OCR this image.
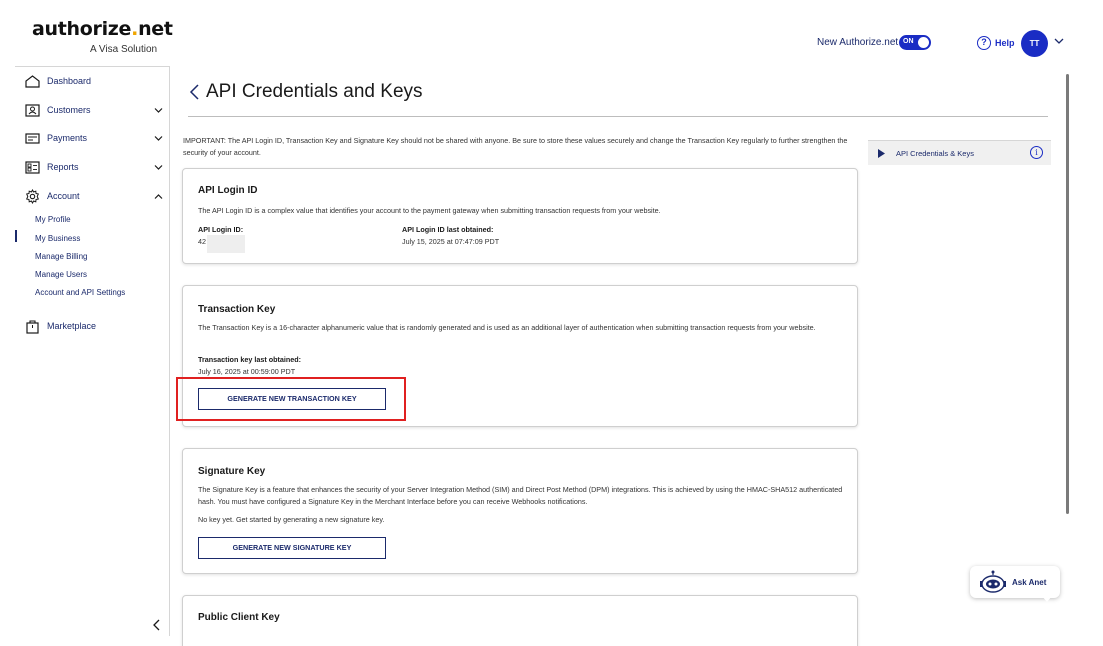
authorize.net
A Visa Solution
New Authorize.net ON	? Help	TT
Dashboard
Customers
Payments
Reports
Account
My Profile
My Business
Manage Billing
Manage Users
Account and API Settings
Marketplace
API Credentials and Keys

IMPORTANT: The API Login ID, Transaction Key and Signature Key should not be shared with anyone. Be sure to store these values securely and change the Transaction Key regularly to further strengthen the security of your account.

API Login ID

The API Login ID is a complex value that identifies your account to the payment gateway when submitting transaction requests from your website.

API Login ID:
42
API Login ID last obtained:
July 15, 2025 at 07:47:09 PDT
Transaction Key

The Transaction Key is a 16-character alphanumeric value that is randomly generated and is used as an additional layer of authentication when submitting transaction requests from your website.

Transaction key last obtained:
July 16, 2025 at 00:59:00 PDT
GENERATE NEW TRANSACTION KEY
Signature Key

The Signature Key is a feature that enhances the security of your Server Integration Method (SIM) and Direct Post Method (DPM) integrations. This is achieved by using the HMAC-SHA512 authenticated hash. You must have configured a Signature Key in the Merchant Interface before you can receive Webhooks notifications.

No key yet. Get started by generating a new signature key.
GENERATE NEW SIGNATURE KEY
Public Client Key
API Credentials & Keys	i
Ask Anet
